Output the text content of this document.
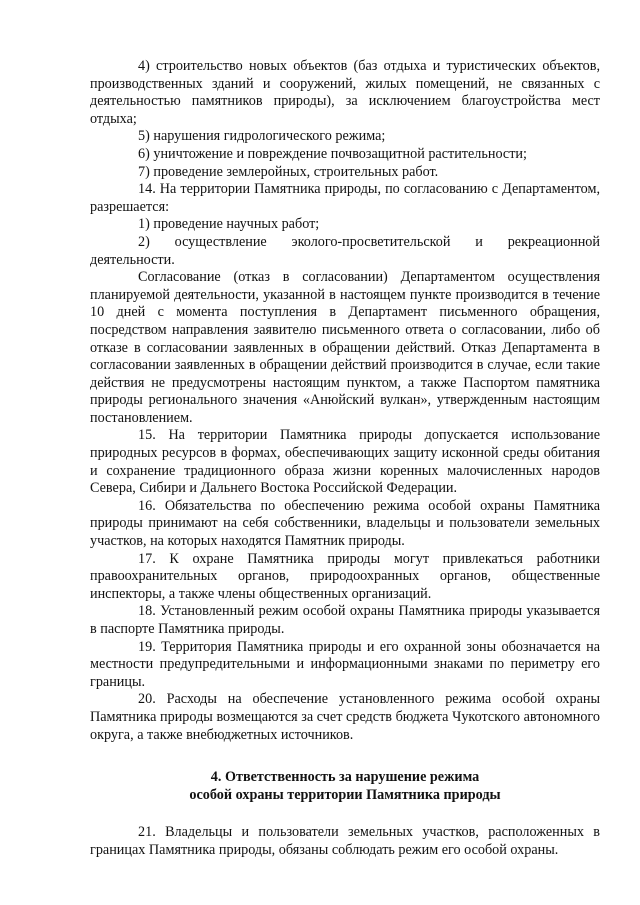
4) строительство новых объектов (баз отдыха и туристических объектов, производственных зданий и сооружений, жилых помещений, не связанных с деятельностью памятников природы), за исключением благоустройства мест отдыха;

5) нарушения гидрологического режима;

6) уничтожение и повреждение почвозащитной растительности;

7) проведение землеройных, строительных работ.

14. На территории Памятника природы, по согласованию с Департаментом, разрешается:

1) проведение научных работ;

2) осуществление эколого-просветительской и рекреационной деятельности.

Согласование (отказ в согласовании) Департаментом осуществления планируемой деятельности, указанной в настоящем пункте производится в течение 10 дней с момента поступления в Департамент письменного обращения, посредством направления заявителю письменного ответа о согласовании, либо об отказе в согласовании заявленных в обращении действий. Отказ Департамента в согласовании заявленных в обращении действий производится в случае, если такие действия не предусмотрены настоящим пунктом, а также Паспортом памятника природы регионального значения «Анюйский вулкан», утвержденным настоящим постановлением.

15. На территории Памятника природы допускается использование природных ресурсов в формах, обеспечивающих защиту исконной среды обитания и сохранение традиционного образа жизни коренных малочисленных народов Севера, Сибири и Дальнего Востока Российской Федерации.

16. Обязательства по обеспечению режима особой охраны Памятника природы принимают на себя собственники, владельцы и пользователи земельных участков, на которых находятся Памятник природы.

17. К охране Памятника природы могут привлекаться работники правоохранительных органов, природоохранных органов, общественные инспекторы, а также члены общественных организаций.

18. Установленный режим особой охраны Памятника природы указывается в паспорте Памятника природы.

19. Территория Памятника природы и его охранной зоны обозначается на местности предупредительными и информационными знаками по периметру его границы.

20. Расходы на обеспечение установленного режима особой охраны Памятника природы возмещаются за счет средств бюджета Чукотского автономного округа, а также внебюджетных источников.

4. Ответственность за нарушение режима
особой охраны территории Памятника природы

21. Владельцы и пользователи земельных участков, расположенных в границах Памятника природы, обязаны соблюдать режим его особой охраны.
